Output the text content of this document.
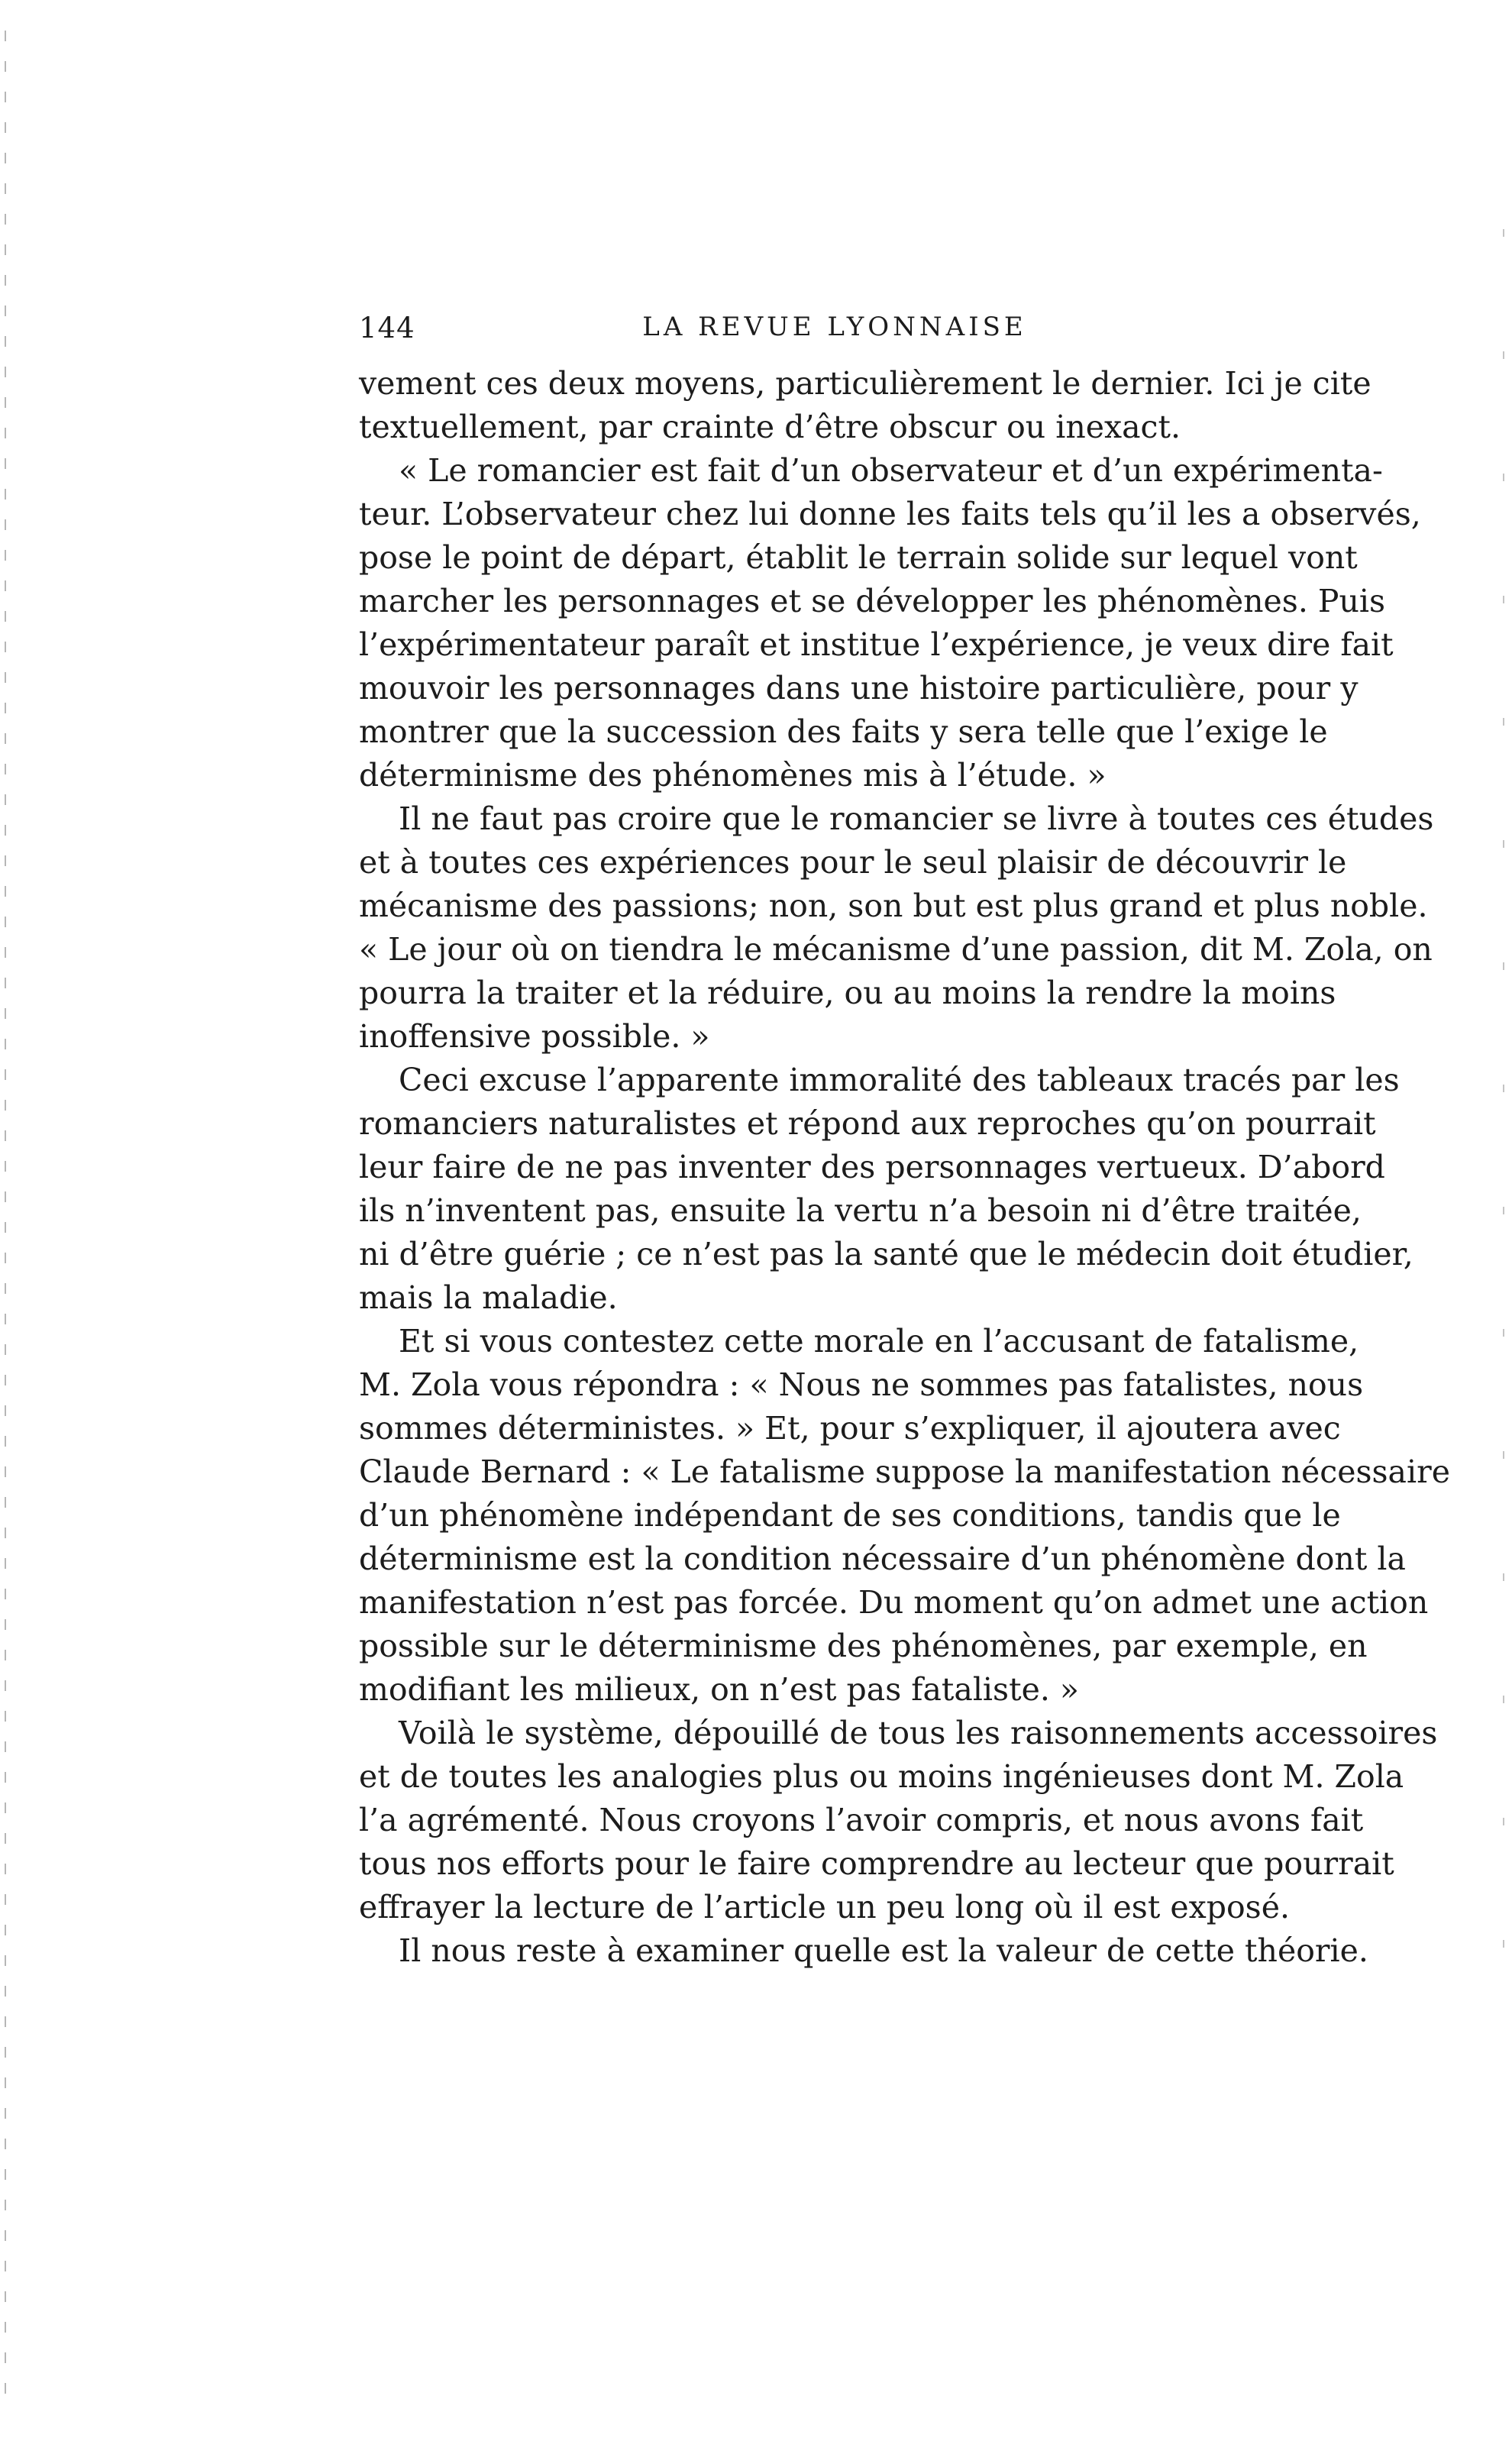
144	LA REVUE LYONNAISE
vement ces deux moyens, particulièrement le dernier. Ici je cite
textuellement, par crainte d’être obscur ou inexact.
« Le romancier est fait d’un observateur et d’un expérimenta-
teur. L’observateur chez lui donne les faits tels qu’il les a observés,
pose le point de départ, établit le terrain solide sur lequel vont
marcher les personnages et se développer les phénomènes. Puis
l’expérimentateur paraît et institue l’expérience, je veux dire fait
mouvoir les personnages dans une histoire particulière, pour y
montrer que la succession des faits y sera telle que l’exige le
déterminisme des phénomènes mis à l’étude. »
Il ne faut pas croire que le romancier se livre à toutes ces études
et à toutes ces expériences pour le seul plaisir de découvrir le
mécanisme des passions; non, son but est plus grand et plus noble.
« Le jour où on tiendra le mécanisme d’une passion, dit M. Zola, on
pourra la traiter et la réduire, ou au moins la rendre la moins
inoffensive possible. »
Ceci excuse l’apparente immoralité des tableaux tracés par les
romanciers naturalistes et répond aux reproches qu’on pourrait
leur faire de ne pas inventer des personnages vertueux. D’abord
ils n’inventent pas, ensuite la vertu n’a besoin ni d’être traitée,
ni d’être guérie ; ce n’est pas la santé que le médecin doit étudier,
mais la maladie.
Et si vous contestez cette morale en l’accusant de fatalisme,
M. Zola vous répondra : « Nous ne sommes pas fatalistes, nous
sommes déterministes. » Et, pour s’expliquer, il ajoutera avec
Claude Bernard : « Le fatalisme suppose la manifestation nécessaire
d’un phénomène indépendant de ses conditions, tandis que le
déterminisme est la condition nécessaire d’un phénomène dont la
manifestation n’est pas forcée. Du moment qu’on admet une action
possible sur le déterminisme des phénomènes, par exemple, en
modifiant les milieux, on n’est pas fataliste. »
Voilà le système, dépouillé de tous les raisonnements accessoires
et de toutes les analogies plus ou moins ingénieuses dont M. Zola
l’a agrémenté. Nous croyons l’avoir compris, et nous avons fait
tous nos efforts pour le faire comprendre au lecteur que pourrait
effrayer la lecture de l’article un peu long où il est exposé.
Il nous reste à examiner quelle est la valeur de cette théorie.
